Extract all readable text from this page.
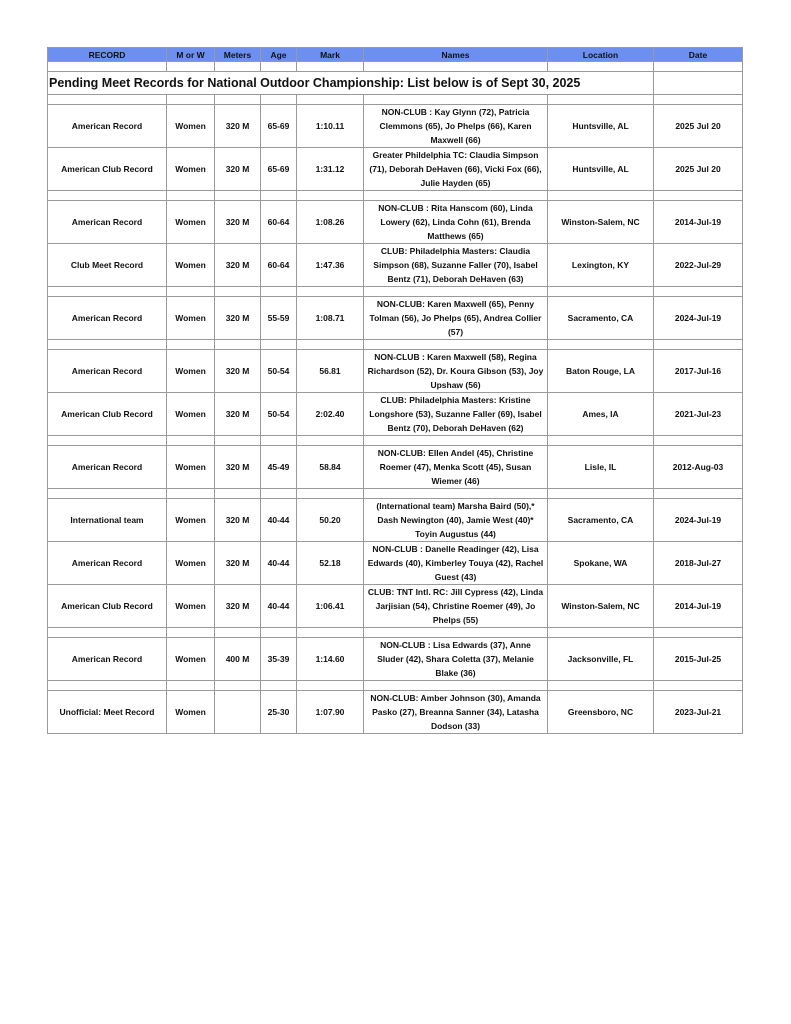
RECORD	M or W	Meters	Age	Mark	Names	Location	Date

Pending Meet Records for National Outdoor Championship: List below is of Sept 30, 2025							

American Record	Women	320 M	65-69	1:10.11	NON-CLUB : Kay Glynn (72), Patricia Clemmons (65), Jo Phelps (66), Karen Maxwell (66)	Huntsville, AL	2025 Jul 20
American Club Record	Women	320 M	65-69	1:31.12	Greater Phildelphia TC: Claudia Simpson (71), Deborah DeHaven (66), Vicki Fox (66), Julie Hayden (65)	Huntsville, AL	2025 Jul 20

American Record	Women	320 M	60-64	1:08.26	NON-CLUB : Rita Hanscom (60), Linda Lowery (62), Linda Cohn (61), Brenda Matthews (65)	Winston-Salem, NC	2014-Jul-19
Club Meet Record	Women	320 M	60-64	1:47.36	CLUB: Philadelphia Masters: Claudia Simpson (68), Suzanne Faller (70), Isabel Bentz (71), Deborah DeHaven (63)	Lexington, KY	2022-Jul-29

American Record	Women	320 M	55-59	1:08.71	NON-CLUB: Karen Maxwell (65), Penny Tolman (56), Jo Phelps (65), Andrea Collier (57)	Sacramento, CA	2024-Jul-19

American Record	Women	320 M	50-54	56.81	NON-CLUB : Karen Maxwell (58), Regina Richardson (52), Dr. Koura Gibson (53), Joy Upshaw (56)	Baton Rouge, LA	2017-Jul-16
American Club Record	Women	320 M	50-54	2:02.40	CLUB: Philadelphia Masters: Kristine Longshore (53), Suzanne Faller (69), Isabel Bentz (70), Deborah DeHaven (62)	Ames, IA	2021-Jul-23

American Record	Women	320 M	45-49	58.84	NON-CLUB: Ellen Andel (45), Christine Roemer (47), Menka Scott (45), Susan Wiemer (46)	Lisle, IL	2012-Aug-03

International team	Women	320 M	40-44	50.20	(International team) Marsha Baird (50),* Dash Newington (40), Jamie West (40)* Toyin Augustus (44)	Sacramento, CA	2024-Jul-19
American Record	Women	320 M	40-44	52.18	NON-CLUB : Danelle Readinger (42), Lisa Edwards (40), Kimberley Touya (42), Rachel Guest (43)	Spokane, WA	2018-Jul-27
American Club Record	Women	320 M	40-44	1:06.41	CLUB: TNT Intl. RC: Jill Cypress (42), Linda Jarjisian (54), Christine Roemer (49), Jo Phelps (55)	Winston-Salem, NC	2014-Jul-19

American Record	Women	400 M	35-39	1:14.60	NON-CLUB : Lisa Edwards (37), Anne Sluder (42), Shara Coletta (37), Melanie Blake (36)	Jacksonville, FL	2015-Jul-25

Unofficial: Meet Record	Women		25-30	1:07.90	NON-CLUB: Amber Johnson (30), Amanda Pasko (27), Breanna Sanner (34), Latasha Dodson (33)	Greensboro, NC	2023-Jul-21
